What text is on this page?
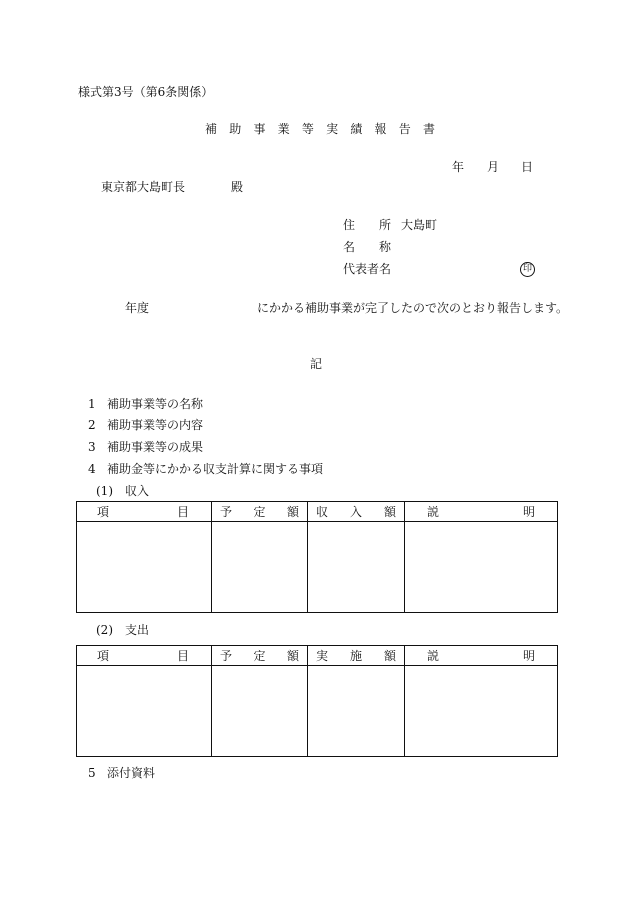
様式第3号（第6条関係）
補 助 事 業 等 実 績 報 告 書
年 月 日
東京都大島町長	殿
住 所 大島町
名 称
代表者名	印
年度	にかかる補助事業が完了したので次のとおり報告します。
記
1 補助事業等の名称
2 補助事業等の内容
3 補助事業等の成果
4 補助金等にかかる収支計算に関する事項
(1)　収入
項 目	予 定 額	収 入 額	説 明

(2)　支出
項 目	予 定 額	実 施 額	説 明

5 添付資料
